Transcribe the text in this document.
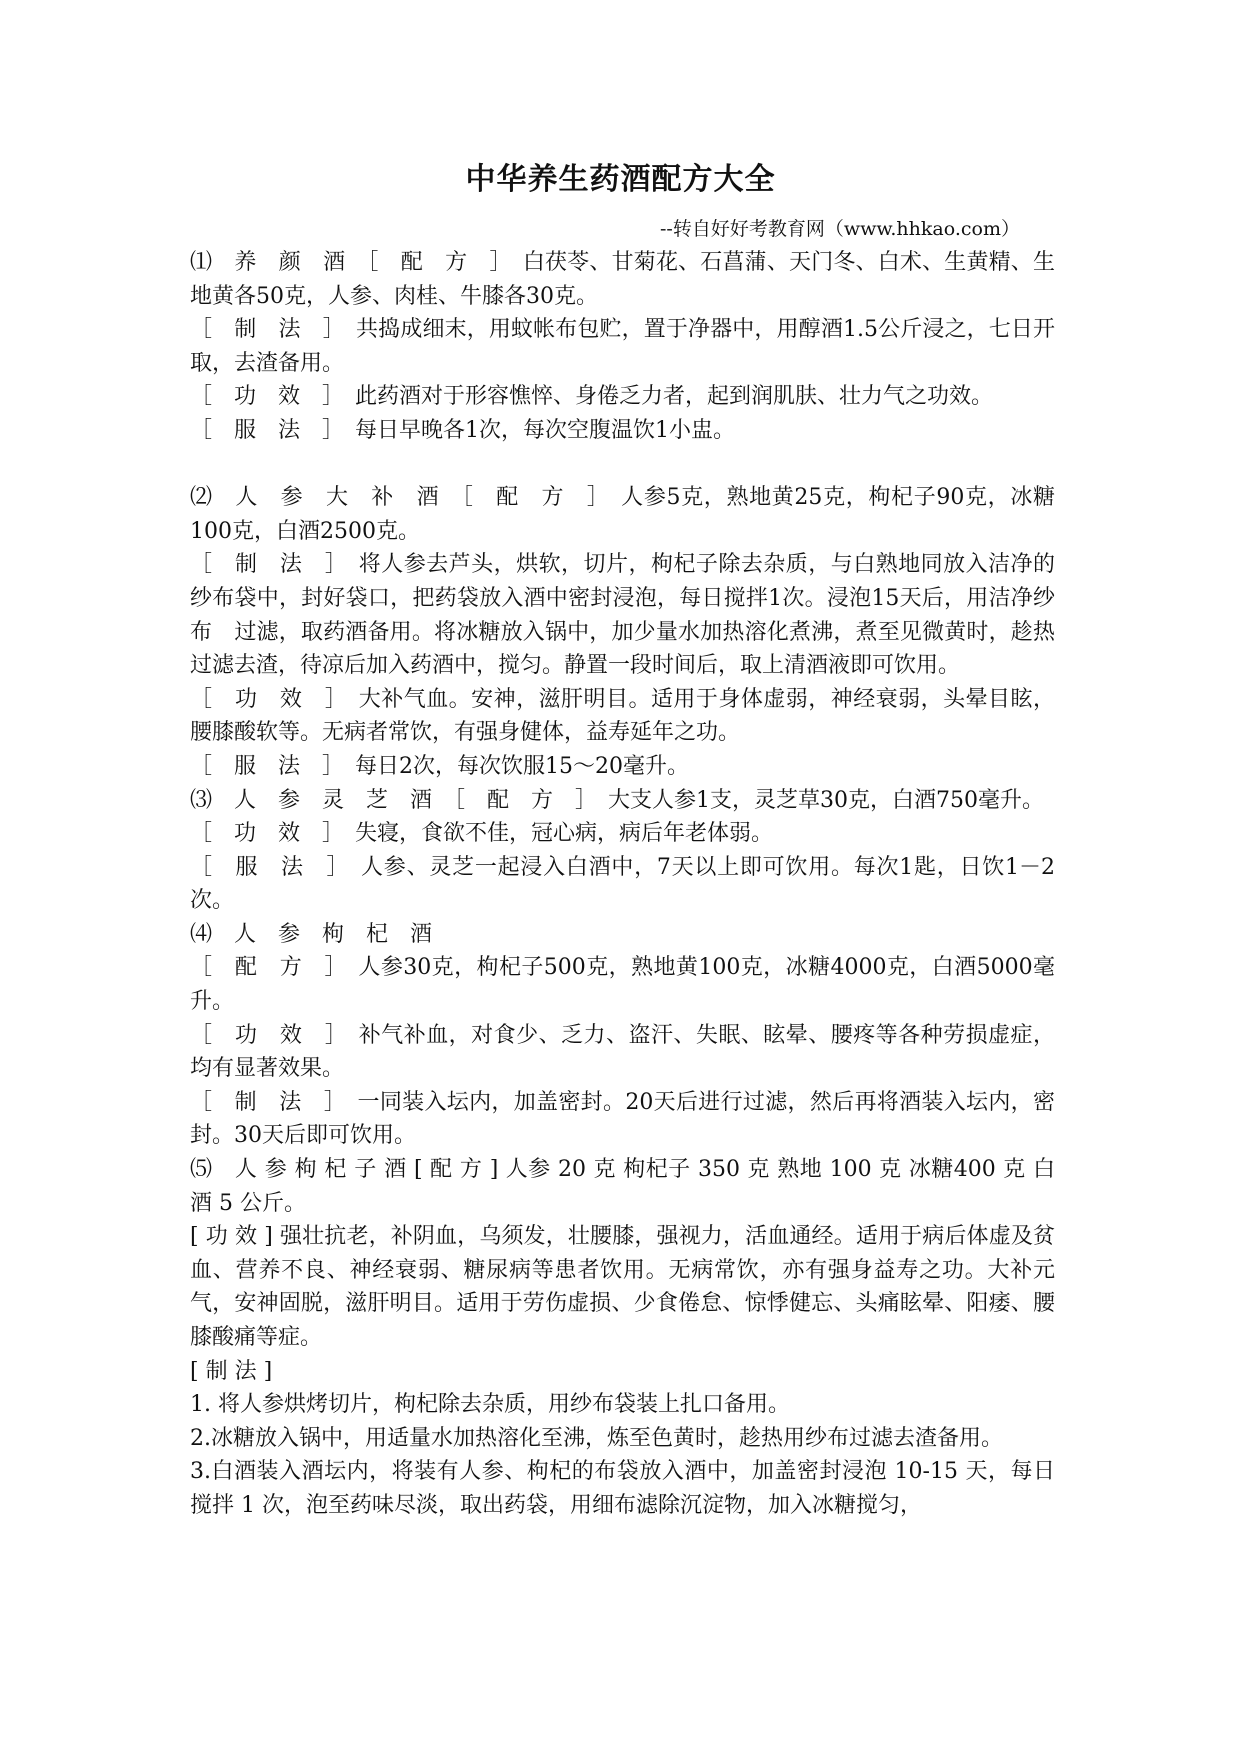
中华养生药酒配方大全
--转自好好考教育网（www.hhkao.com）
⑴　养　颜　酒　［　配　方　］　白茯苓、甘菊花、石菖蒲、天门冬、白术、生黄精、生地黄各50克，人参、肉桂、牛膝各30克。
［　制　法　］　共捣成细末，用蚊帐布包贮，置于净器中，用醇酒1.5公斤浸之，七日开取，去渣备用。
［　功　效　］　此药酒对于形容憔悴、身倦乏力者，起到润肌肤、壮力气之功效。
［　服　法　］　每日早晚各1次，每次空腹温饮1小盅。
⑵　人　参　大　补　酒　［　配　方　］　人参5克，熟地黄25克，枸杞子90克，冰糖100克，白酒2500克。
［　制　法　］　将人参去芦头，烘软，切片，枸杞子除去杂质，与白熟地同放入洁净的纱布袋中，封好袋口，把药袋放入酒中密封浸泡，每日搅拌1次。浸泡15天后，用洁净纱布　过滤，取药酒备用。将冰糖放入锅中，加少量水加热溶化煮沸，煮至见微黄时，趁热过滤去渣，待凉后加入药酒中，搅匀。静置一段时间后，取上清酒液即可饮用。
［　功　效　］　大补气血。安神，滋肝明目。适用于身体虚弱，神经衰弱，头晕目眩，腰膝酸软等。无病者常饮，有强身健体，益寿延年之功。
［　服　法　］　每日2次，每次饮服15～20毫升。
⑶　人　参　灵　芝　酒　［　配　方　］　大支人参1支，灵芝草30克，白酒750毫升。
［　功　效　］　失寝，食欲不佳，冠心病，病后年老体弱。
［　服　法　］　人参、灵芝一起浸入白酒中，7天以上即可饮用。每次1匙，日饮1－2次。
⑷　人　参　枸　杞　酒
［　配　方　］　人参30克，枸杞子500克，熟地黄100克，冰糖4000克，白酒5000毫升。
［　功　效　］　补气补血，对食少、乏力、盗汗、失眠、眩晕、腰疼等各种劳损虚症，均有显著效果。
［　制　法　］　一同装入坛内，加盖密封。20天后进行过滤，然后再将酒装入坛内，密封。30天后即可饮用。
⑸　人 参 枸 杞 子 酒 [ 配 方 ] 人参 20 克 枸杞子 350 克 熟地 100 克 冰糖400 克 白酒 5 公斤。
[ 功 效 ] 强壮抗老，补阴血，乌须发，壮腰膝，强视力，活血通经。适用于病后体虚及贫血、营养不良、神经衰弱、糖尿病等患者饮用。无病常饮，亦有强身益寿之功。大补元气，安神固脱，滋肝明目。适用于劳伤虚损、少食倦怠、惊悸健忘、头痛眩晕、阳痿、腰膝酸痛等症。
[ 制 法 ]
1. 将人参烘烤切片，枸杞除去杂质，用纱布袋装上扎口备用。
2.冰糖放入锅中，用适量水加热溶化至沸，炼至色黄时，趁热用纱布过滤去渣备用。
3.白酒装入酒坛内，将装有人参、枸杞的布袋放入酒中，加盖密封浸泡 10-15 天，每日搅拌 1 次，泡至药味尽淡，取出药袋，用细布滤除沉淀物，加入冰糖搅匀，
